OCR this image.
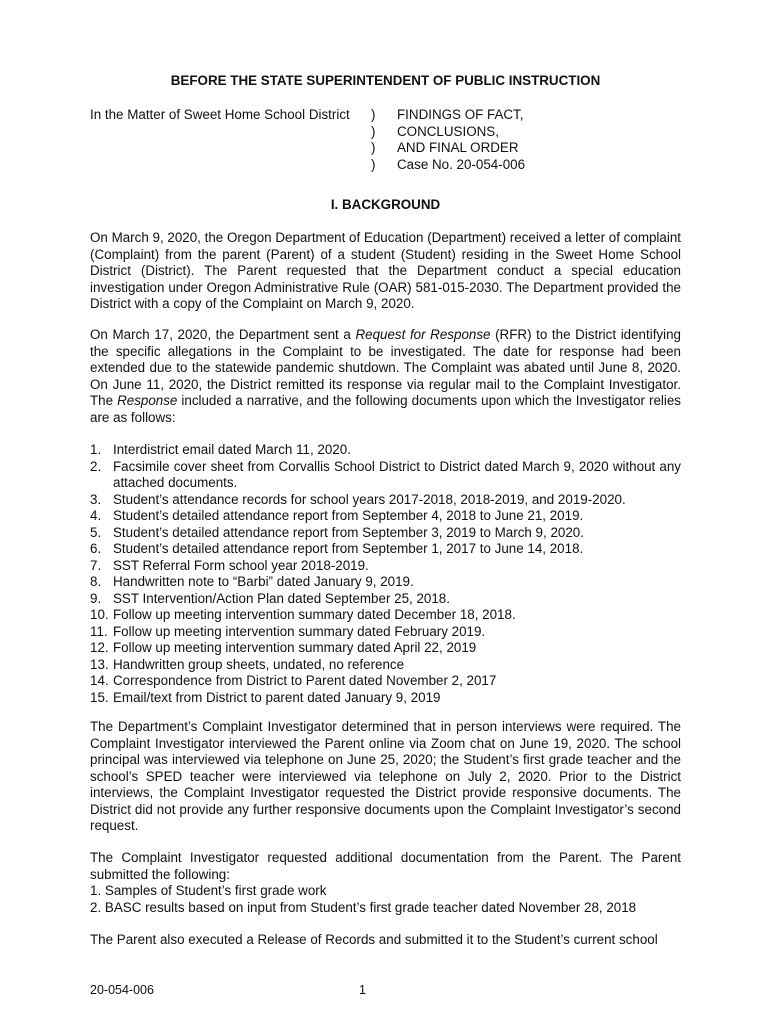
BEFORE THE STATE SUPERINTENDENT OF PUBLIC INSTRUCTION
In the Matter of Sweet Home School District )
)
)
)
FINDINGS OF FACT,
CONCLUSIONS,
AND FINAL ORDER
Case No. 20-054-006
I. BACKGROUND

On March 9, 2020, the Oregon Department of Education (Department) received a letter of complaint (Complaint) from the parent (Parent) of a student (Student) residing in the Sweet Home School District (District). The Parent requested that the Department conduct a special education investigation under Oregon Administrative Rule (OAR) 581-015-2030. The Department provided the District with a copy of the Complaint on March 9, 2020.

On March 17, 2020, the Department sent a Request for Response (RFR) to the District identifying the specific allegations in the Complaint to be investigated. The date for response had been extended due to the statewide pandemic shutdown. The Complaint was abated until June 8, 2020. On June 11, 2020, the District remitted its response via regular mail to the Complaint Investigator. The Response included a narrative, and the following documents upon which the Investigator relies are as follows:

1. Interdistrict email dated March 11, 2020.
2. Facsimile cover sheet from Corvallis School District to District dated March 9, 2020 without any attached documents.
3. Student’s attendance records for school years 2017-2018, 2018-2019, and 2019-2020.
4. Student’s detailed attendance report from September 4, 2018 to June 21, 2019.
5. Student’s detailed attendance report from September 3, 2019 to March 9, 2020.
6. Student’s detailed attendance report from September 1, 2017 to June 14, 2018.
7. SST Referral Form school year 2018-2019.
8. Handwritten note to “Barbi” dated January 9, 2019.
9. SST Intervention/Action Plan dated September 25, 2018.
10. Follow up meeting intervention summary dated December 18, 2018.
11. Follow up meeting intervention summary dated February 2019.
12. Follow up meeting intervention summary dated April 22, 2019
13. Handwritten group sheets, undated, no reference
14. Correspondence from District to Parent dated November 2, 2017
15. Email/text from District to parent dated January 9, 2019

The Department’s Complaint Investigator determined that in person interviews were required. The Complaint Investigator interviewed the Parent online via Zoom chat on June 19, 2020. The school principal was interviewed via telephone on June 25, 2020; the Student’s first grade teacher and the school’s SPED teacher were interviewed via telephone on July 2, 2020. Prior to the District interviews, the Complaint Investigator requested the District provide responsive documents. The District did not provide any further responsive documents upon the Complaint Investigator’s second request.

The Complaint Investigator requested additional documentation from the Parent. The Parent submitted the following:

1. Samples of Student’s first grade work
2. BASC results based on input from Student’s first grade teacher dated November 28, 2018

The Parent also executed a Release of Records and submitted it to the Student’s current school

20-054-006	1
